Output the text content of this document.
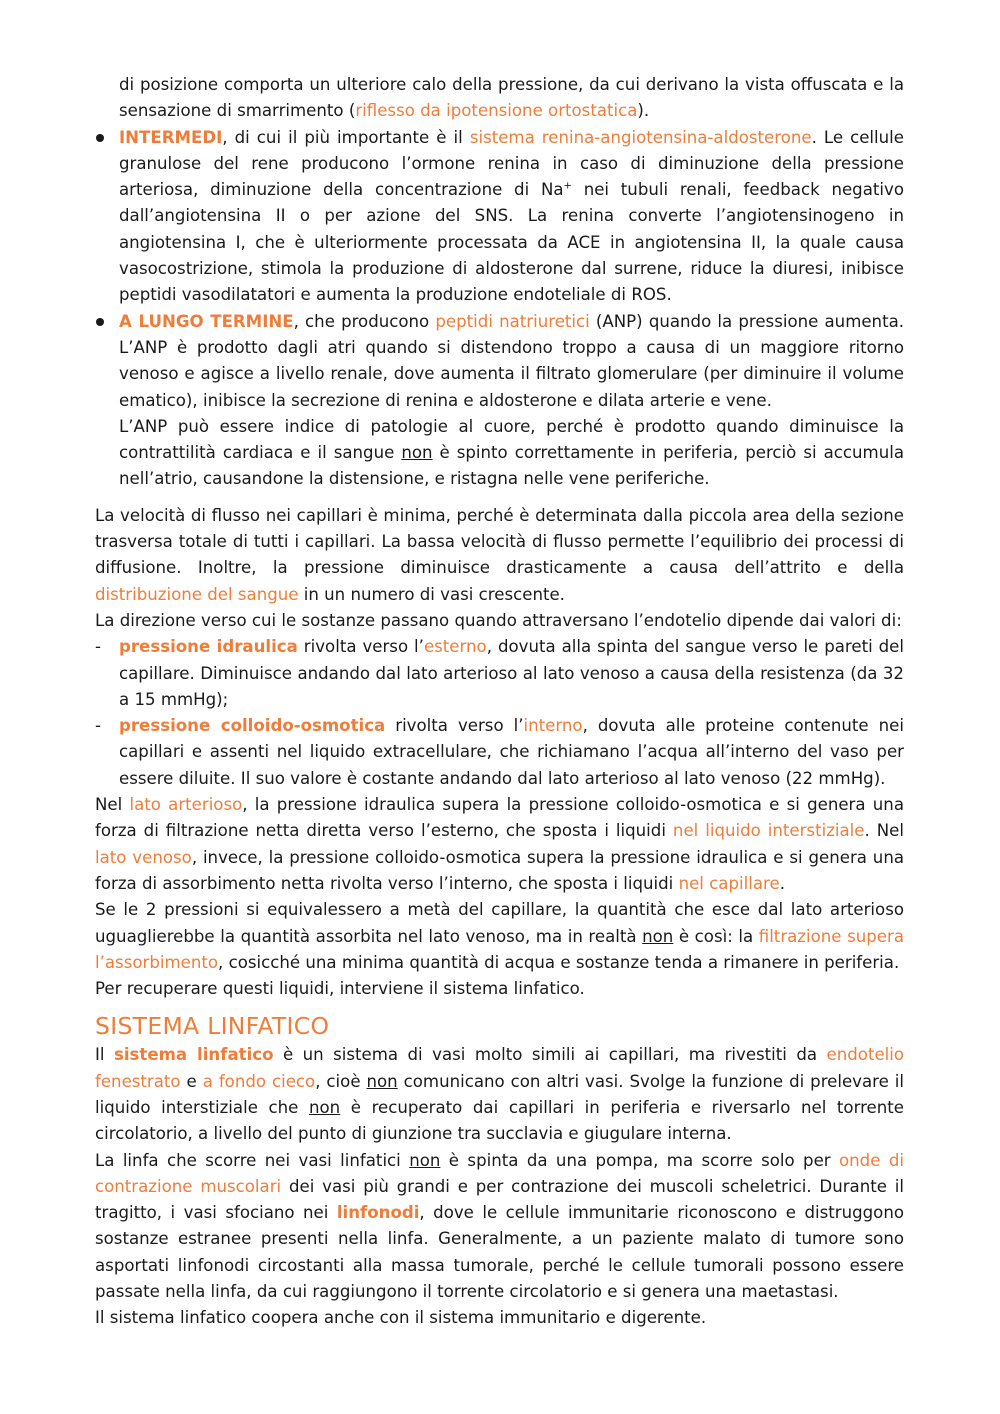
di posizione comporta un ulteriore calo della pressione, da cui derivano la vista offuscata e la sensazione di smarrimento (riflesso da ipotensione ortostatica).

INTERMEDI, di cui il più importante è il sistema renina-angiotensina-aldosterone. Le cellule granulose del rene producono l’ormone renina in caso di diminuzione della pressione arteriosa, diminuzione della concentrazione di Na+ nei tubuli renali, feedback negativo dall’angiotensina II o per azione del SNS. La renina converte l’angiotensinogeno in angiotensina I, che è ulteriormente processata da ACE in angiotensina II, la quale causa vasocostrizione, stimola la produzione di aldosterone dal surrene, riduce la diuresi, inibisce peptidi vasodilatatori e aumenta la produzione endoteliale di ROS.

A LUNGO TERMINE, che producono peptidi natriuretici (ANP) quando la pressione aumenta. L’ANP è prodotto dagli atri quando si distendono troppo a causa di un maggiore ritorno venoso e agisce a livello renale, dove aumenta il filtrato glomerulare (per diminuire il volume ematico), inibisce la secrezione di renina e aldosterone e dilata arterie e vene.

L’ANP può essere indice di patologie al cuore, perché è prodotto quando diminuisce la contrattilità cardiaca e il sangue non è spinto correttamente in periferia, perciò si accumula nell’atrio, causandone la distensione, e ristagna nelle vene periferiche.

La velocità di flusso nei capillari è minima, perché è determinata dalla piccola area della sezione trasversa totale di tutti i capillari. La bassa velocità di flusso permette l’equilibrio dei processi di diffusione. Inoltre, la pressione diminuisce drasticamente a causa dell’attrito e della distribuzione del sangue in un numero di vasi crescente.

La direzione verso cui le sostanze passano quando attraversano l’endotelio dipende dai valori di:

- pressione idraulica rivolta verso l’esterno, dovuta alla spinta del sangue verso le pareti del capillare. Diminuisce andando dal lato arterioso al lato venoso a causa della resistenza (da 32 a 15 mmHg);

- pressione colloido-osmotica rivolta verso l’interno, dovuta alle proteine contenute nei capillari e assenti nel liquido extracellulare, che richiamano l’acqua all’interno del vaso per essere diluite. Il suo valore è costante andando dal lato arterioso al lato venoso (22 mmHg).

Nel lato arterioso, la pressione idraulica supera la pressione colloido-osmotica e si genera una forza di filtrazione netta diretta verso l’esterno, che sposta i liquidi nel liquido interstiziale. Nel lato venoso, invece, la pressione colloido-osmotica supera la pressione idraulica e si genera una forza di assorbimento netta rivolta verso l’interno, che sposta i liquidi nel capillare.

Se le 2 pressioni si equivalessero a metà del capillare, la quantità che esce dal lato arterioso uguaglierebbe la quantità assorbita nel lato venoso, ma in realtà non è così: la filtrazione supera l’assorbimento, cosicché una minima quantità di acqua e sostanze tenda a rimanere in periferia.

Per recuperare questi liquidi, interviene il sistema linfatico.

SISTEMA LINFATICO

Il sistema linfatico è un sistema di vasi molto simili ai capillari, ma rivestiti da endotelio fenestrato e a fondo cieco, cioè non comunicano con altri vasi. Svolge la funzione di prelevare il liquido interstiziale che non è recuperato dai capillari in periferia e riversarlo nel torrente circolatorio, a livello del punto di giunzione tra succlavia e giugulare interna.

La linfa che scorre nei vasi linfatici non è spinta da una pompa, ma scorre solo per onde di contrazione muscolari dei vasi più grandi e per contrazione dei muscoli scheletrici. Durante il tragitto, i vasi sfociano nei linfonodi, dove le cellule immunitarie riconoscono e distruggono sostanze estranee presenti nella linfa. Generalmente, a un paziente malato di tumore sono asportati linfonodi circostanti alla massa tumorale, perché le cellule tumorali possono essere passate nella linfa, da cui raggiungono il torrente circolatorio e si genera una maetastasi.

Il sistema linfatico coopera anche con il sistema immunitario e digerente.
